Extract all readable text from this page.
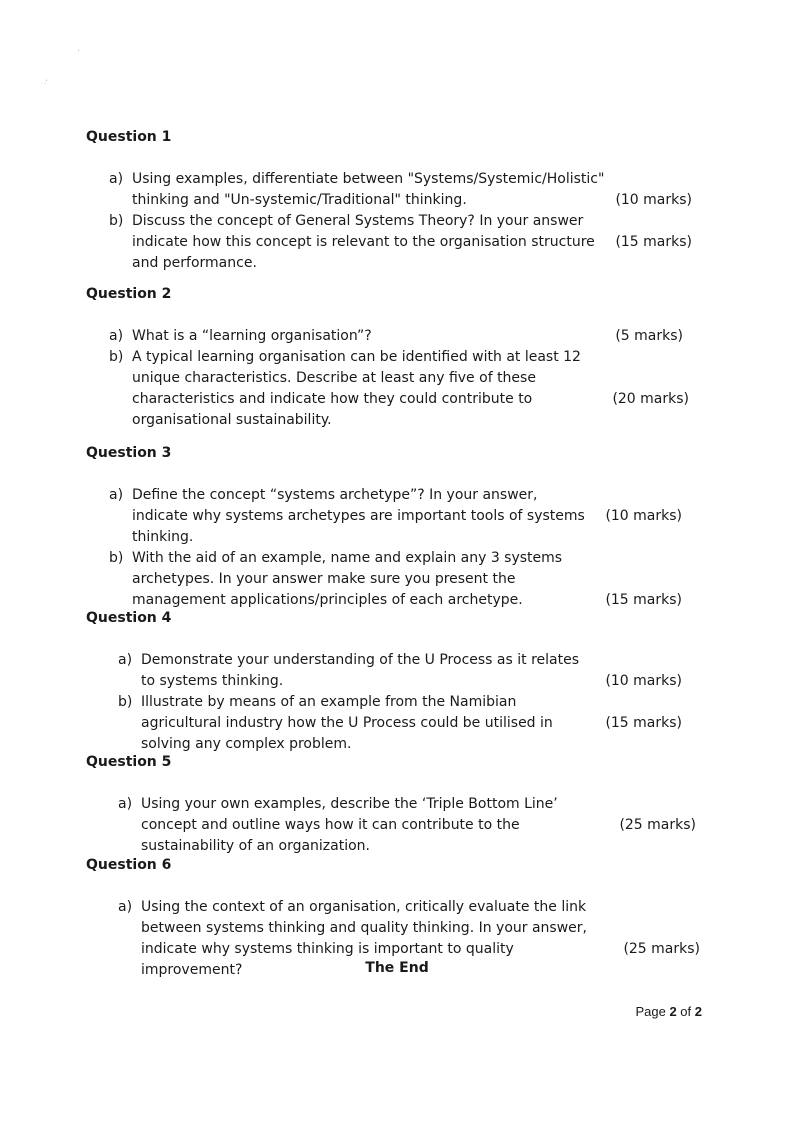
'
.'
Question 1
a)
(10 marks)
Using examples, differentiate between "Systems/Systemic/Holistic" thinking and "Un-systemic/Traditional" thinking.
b)
(15 marks)
Discuss the concept of General Systems Theory? In your answer indicate how this concept is relevant to the organisation structure and performance.
Question 2
a)	(5 marks)
What is a “learning organisation”?
b)
(20 marks)
A typical learning organisation can be identified with at least 12 unique characteristics. Describe at least any five of these characteristics and indicate how they could contribute to organisational sustainability.
Question 3
a)
(10 marks)
Define the concept “systems archetype”? In your answer, indicate why systems archetypes are important tools of systems thinking.
b)
(15 marks)
With the aid of an example, name and explain any 3 systems archetypes. In your answer make sure you present the management applications/principles of each archetype.
Question 4
a)
(10 marks)
Demonstrate your understanding of the U Process as it relates to systems thinking.
b)
(15 marks)
Illustrate by means of an example from the Namibian agricultural industry how the U Process could be utilised in solving any complex problem.
Question 5
a)
(25 marks)
Using your own examples, describe the ‘Triple Bottom Line’ concept and outline ways how it can contribute to the sustainability of an organization.
Question 6
a)
(25 marks)
Using the context of an organisation, critically evaluate the link between systems thinking and quality thinking. In your answer, indicate why systems thinking is important to quality improvement?	The End
Page 2 of 2
